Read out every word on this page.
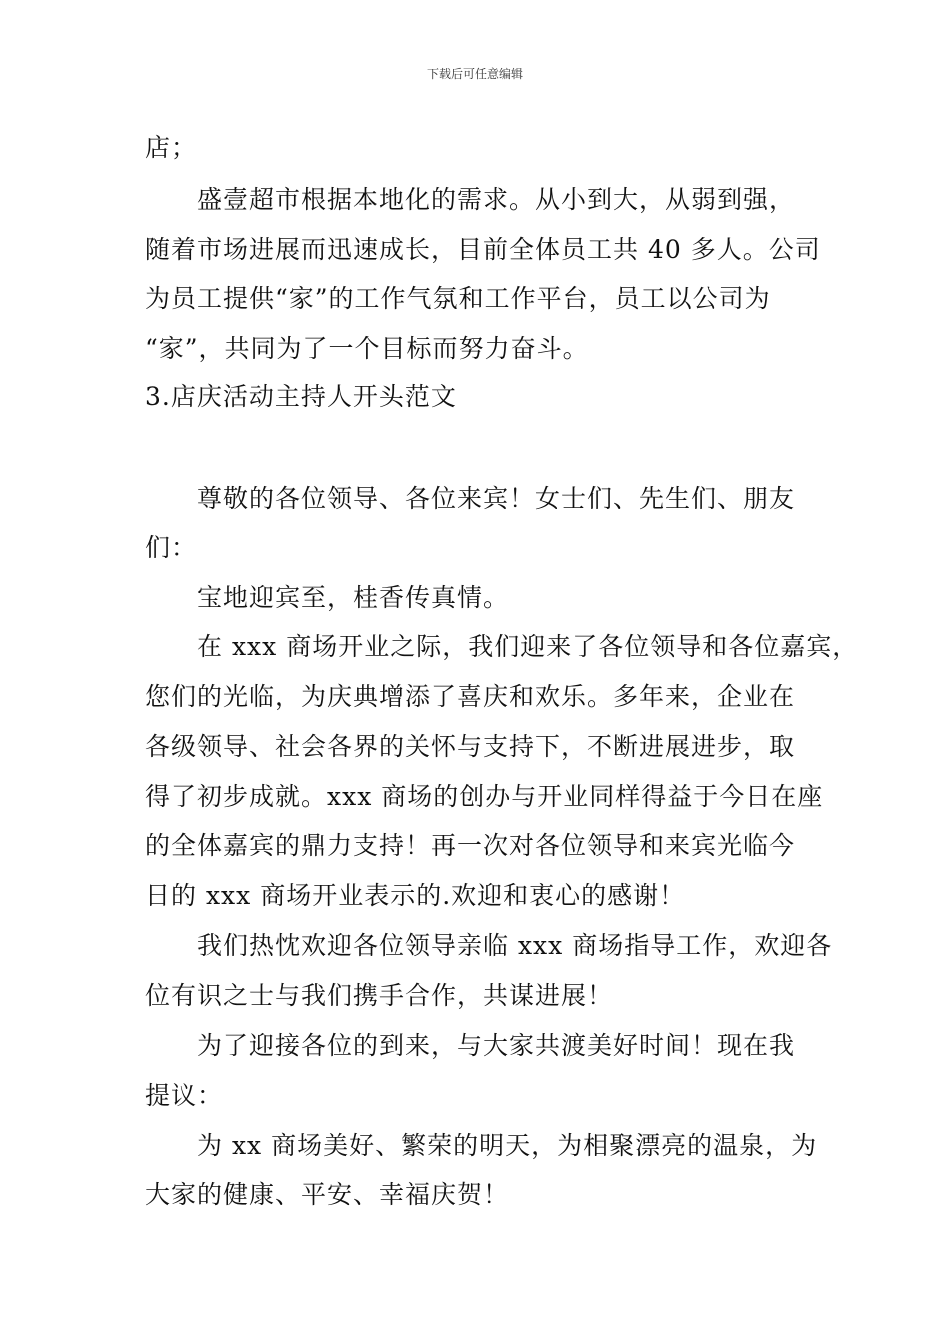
下载后可任意编辑
店；
盛壹超市根据本地化的需求。从小到大，从弱到强，
随着市场进展而迅速成长，目前全体员工共 40 多人。公司
为员工提供“家”的工作气氛和工作平台，员工以公司为
“家”，共同为了一个目标而努力奋斗。
3.店庆活动主持人开头范文
尊敬的各位领导、各位来宾！女士们、先生们、朋友
们：
宝地迎宾至，桂香传真情。
在 xxx 商场开业之际，我们迎来了各位领导和各位嘉宾，
您们的光临，为庆典增添了喜庆和欢乐。多年来，企业在
各级领导、社会各界的关怀与支持下，不断进展进步，取
得了初步成就。xxx 商场的创办与开业同样得益于今日在座
的全体嘉宾的鼎力支持！再一次对各位领导和来宾光临今
日的 xxx 商场开业表示的.欢迎和衷心的感谢！
我们热忱欢迎各位领导亲临 xxx 商场指导工作，欢迎各
位有识之士与我们携手合作，共谋进展！
为了迎接各位的到来，与大家共渡美好时间！现在我
提议：
为 xx 商场美好、繁荣的明天，为相聚漂亮的温泉，为
大家的健康、平安、幸福庆贺！
